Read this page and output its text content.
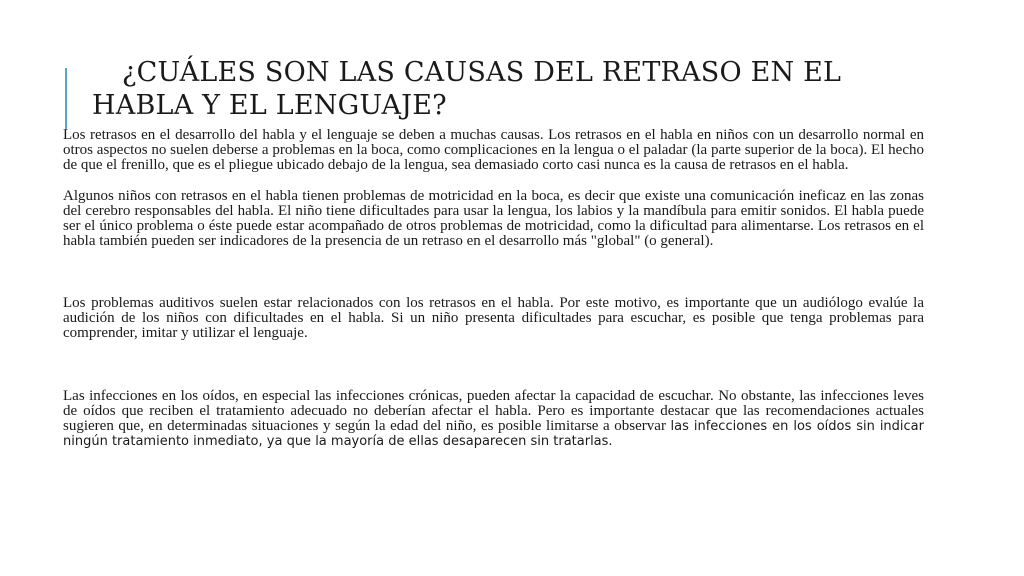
¿CUÁLES SON LAS CAUSAS DEL RETRASO EN EL
HABLA Y EL LENGUAJE?

Los retrasos en el desarrollo del habla y el lenguaje se deben a muchas causas. Los retrasos en el habla en niños con un desarrollo normal en otros aspectos no suelen deberse a problemas en la boca, como complicaciones en la lengua o el paladar (la parte superior de la boca). El hecho de que el frenillo, que es el pliegue ubicado debajo de la lengua, sea demasiado corto casi nunca es la causa de retrasos en el habla.

Algunos niños con retrasos en el habla tienen problemas de motricidad en la boca, es decir que existe una comunicación ineficaz en las zonas del cerebro responsables del habla. El niño tiene dificultades para usar la lengua, los labios y la mandíbula para emitir sonidos. El habla puede ser el único problema o éste puede estar acompañado de otros problemas de motricidad, como la dificultad para alimentarse. Los retrasos en el habla también pueden ser indicadores de la presencia de un retraso en el desarrollo más "global" (o general).

Los problemas auditivos suelen estar relacionados con los retrasos en el habla. Por este motivo, es importante que un audiólogo evalúe la audición de los niños con dificultades en el habla. Si un niño presenta dificultades para escuchar, es posible que tenga problemas para comprender, imitar y utilizar el lenguaje.

Las infecciones en los oídos, en especial las infecciones crónicas, pueden afectar la capacidad de escuchar. No obstante, las infecciones leves de oídos que reciben el tratamiento adecuado no deberían afectar el habla. Pero es importante destacar que las recomendaciones actuales sugieren que, en determinadas situaciones y según la edad del niño, es posible limitarse a observar las infecciones en los oídos sin indicar ningún tratamiento inmediato, ya que la mayoría de ellas desaparecen sin tratarlas.
